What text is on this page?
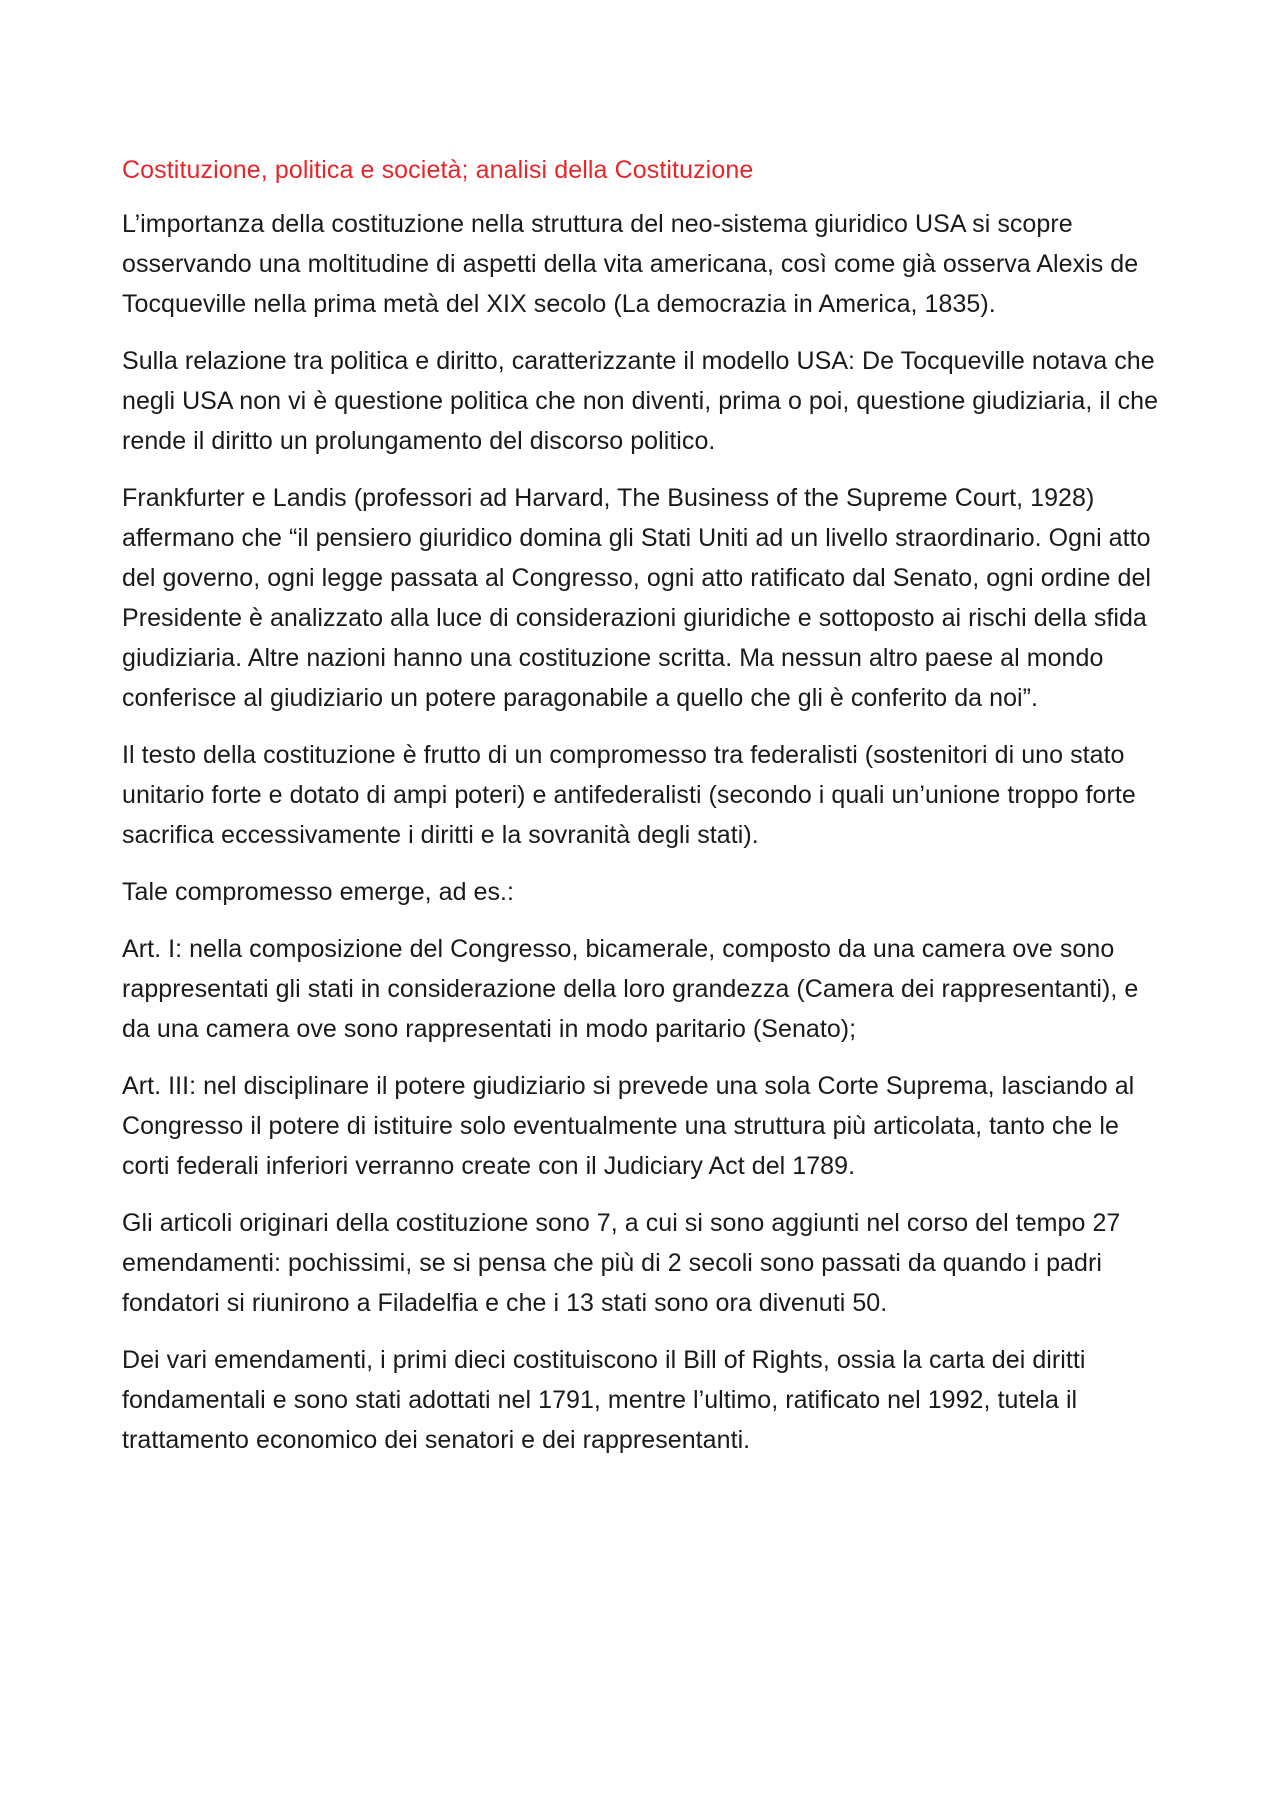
Costituzione, politica e società; analisi della Costituzione

L’importanza della costituzione nella struttura del neo-sistema giuridico USA si scopre osservando una moltitudine di aspetti della vita americana, così come già osserva Alexis de Tocqueville nella prima metà del XIX secolo (La democrazia in America, 1835).

Sulla relazione tra politica e diritto, caratterizzante il modello USA: De Tocqueville notava che negli USA non vi è questione politica che non diventi, prima o poi, questione giudiziaria, il che rende il diritto un prolungamento del discorso politico.

Frankfurter e Landis (professori ad Harvard, The Business of the Supreme Court, 1928) affermano che “il pensiero giuridico domina gli Stati Uniti ad un livello straordinario. Ogni atto del governo, ogni legge passata al Congresso, ogni atto ratificato dal Senato, ogni ordine del Presidente è analizzato alla luce di considerazioni giuridiche e sottoposto ai rischi della sfida giudiziaria. Altre nazioni hanno una costituzione scritta. Ma nessun altro paese al mondo conferisce al giudiziario un potere paragonabile a quello che gli è conferito da noi”.

Il testo della costituzione è frutto di un compromesso tra federalisti (sostenitori di uno stato unitario forte e dotato di ampi poteri) e antifederalisti (secondo i quali un’unione troppo forte sacrifica eccessivamente i diritti e la sovranità degli stati).

Tale compromesso emerge, ad es.:

Art. I: nella composizione del Congresso, bicamerale, composto da una camera ove sono rappresentati gli stati in considerazione della loro grandezza (Camera dei rappresentanti), e da una camera ove sono rappresentati in modo paritario (Senato);

Art. III: nel disciplinare il potere giudiziario si prevede una sola Corte Suprema, lasciando al Congresso il potere di istituire solo eventualmente una struttura più articolata, tanto che le corti federali inferiori verranno create con il Judiciary Act del 1789.

Gli articoli originari della costituzione sono 7, a cui si sono aggiunti nel corso del tempo 27 emendamenti: pochissimi, se si pensa che più di 2 secoli sono passati da quando i padri fondatori si riunirono a Filadelfia e che i 13 stati sono ora divenuti 50.

Dei vari emendamenti, i primi dieci costituiscono il Bill of Rights, ossia la carta dei diritti fondamentali e sono stati adottati nel 1791, mentre l’ultimo, ratificato nel 1992, tutela il trattamento economico dei senatori e dei rappresentanti.
